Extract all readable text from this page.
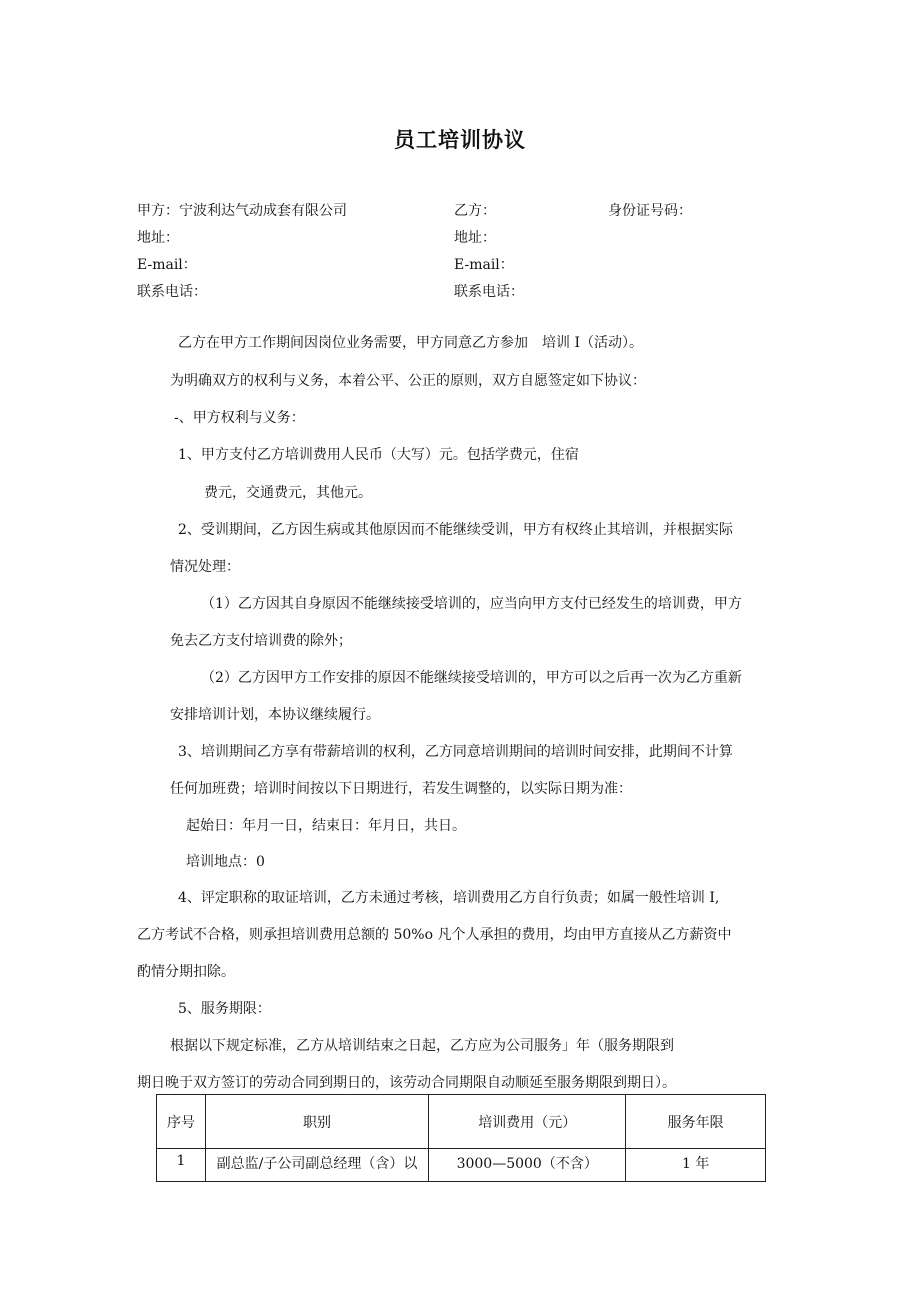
员工培训协议
甲方：宁波利达气动成套有限公司	乙方：	身份证号码：
地址：	地址：
E-mail：	E-mail：
联系电话：	联系电话：
乙方在甲方工作期间因岗位业务需要，甲方同意乙方参加　培训 I（活动）。
为明确双方的权利与义务，本着公平、公正的原则，双方自愿签定如下协议：
-、甲方权利与义务：
1、甲方支付乙方培训费用人民币（大写）元。包括学费元，住宿
费元，交通费元，其他元。
2、受训期间，乙方因生病或其他原因而不能继续受训，甲方有权终止其培训，并根据实际
情况处理：
（1）乙方因其自身原因不能继续接受培训的，应当向甲方支付已经发生的培训费，甲方
免去乙方支付培训费的除外；
（2）乙方因甲方工作安排的原因不能继续接受培训的，甲方可以之后再一次为乙方重新
安排培训计划，本协议继续履行。
3、培训期间乙方享有带薪培训的权利，乙方同意培训期间的培训时间安排，此期间不计算
任何加班费；培训时间按以下日期进行，若发生调整的，以实际日期为准：
起始日：年月一日，结束日：年月日，共日。
培训地点：0
4、评定职称的取证培训，乙方未通过考核，培训费用乙方自行负责；如属一般性培训 I,
乙方考试不合格，则承担培训费用总额的 50%o 凡个人承担的费用，均由甲方直接从乙方薪资中
酌情分期扣除。
5、服务期限：
根据以下规定标准，乙方从培训结束之日起，乙方应为公司服务」年（服务期限到
期日晚于双方签订的劳动合同到期日的，该劳动合同期限自动顺延至服务期限到期日）。
序号	职别	培训费用（元）	服务年限
1	副总监/子公司副总经理（含）以	3000—5000（不含）	1 年
